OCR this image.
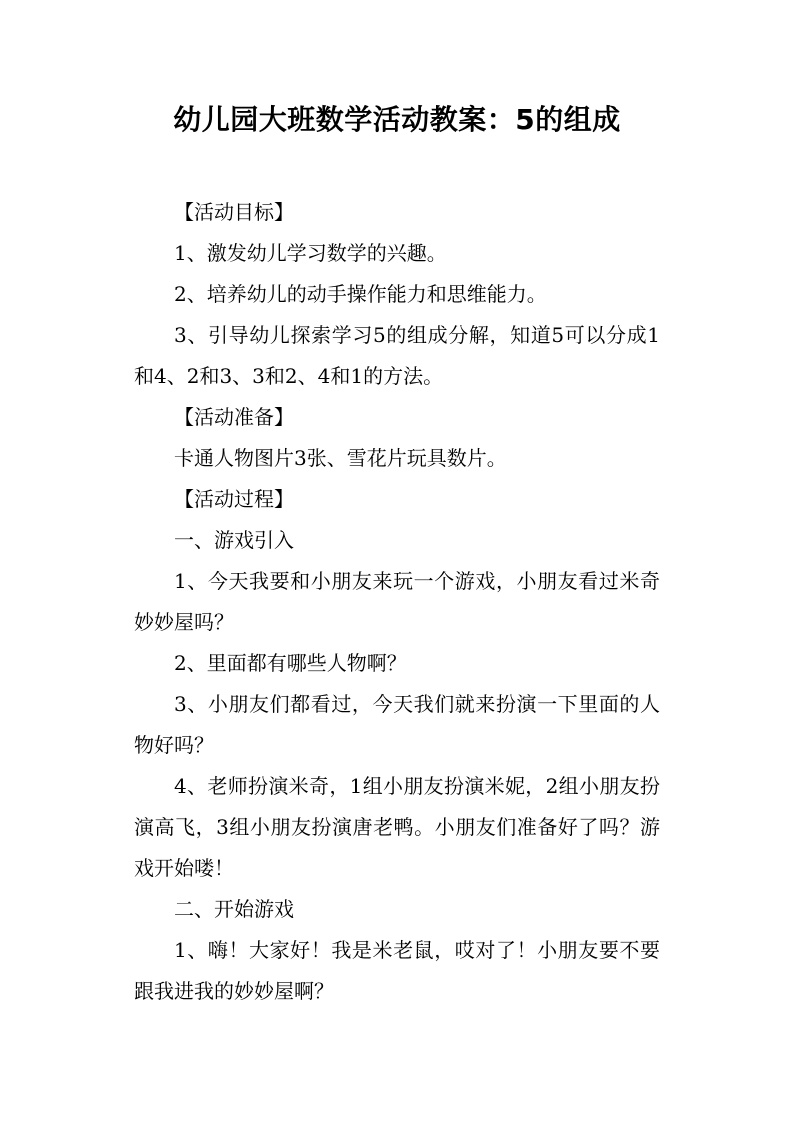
幼儿园大班数学活动教案：5的组成

【活动目标】

1、激发幼儿学习数学的兴趣。

2、培养幼儿的动手操作能力和思维能力。

3、引导幼儿探索学习5的组成分解，知道5可以分成1和4、2和3、3和2、4和1的方法。

【活动准备】

卡通人物图片3张、雪花片玩具数片。

【活动过程】

一、游戏引入

1、今天我要和小朋友来玩一个游戏，小朋友看过米奇妙妙屋吗？

2、里面都有哪些人物啊？

3、小朋友们都看过，今天我们就来扮演一下里面的人物好吗？

4、老师扮演米奇，1组小朋友扮演米妮，2组小朋友扮演高飞，3组小朋友扮演唐老鸭。小朋友们准备好了吗？游戏开始喽！

二、开始游戏

1、嗨！大家好！我是米老鼠，哎对了！小朋友要不要跟我进我的妙妙屋啊？
